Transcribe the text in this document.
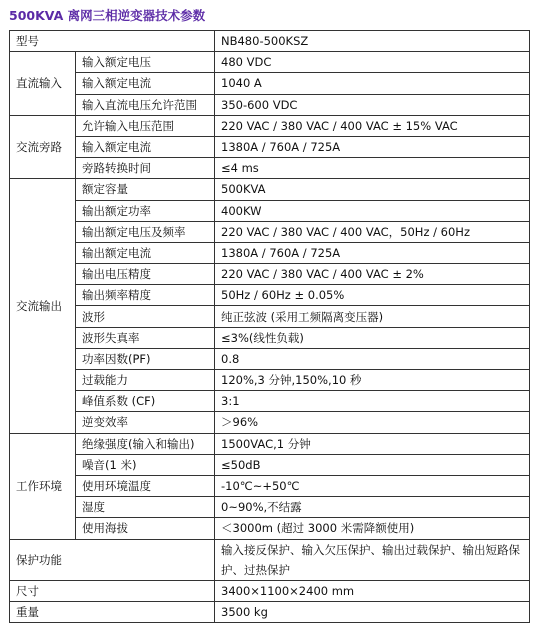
500KVA 离网三相逆变器技术参数
型号		NB480-500KSZ
直流输入	输入额定电压	480 VDC
	输入额定电流	1040 A
	输入直流电压允许范围	350-600 VDC
交流旁路	允许输入电压范围	220 VAC / 380 VAC / 400 VAC ± 15% VAC
	输入额定电流	1380A / 760A / 725A
	旁路转换时间	≤4 ms
交流输出	额定容量	500KVA
	输出额定功率	400KW
	输出额定电压及频率	220 VAC / 380 VAC / 400 VAC，50Hz / 60Hz
	输出额定电流	1380A / 760A / 725A
	输出电压精度	220 VAC / 380 VAC / 400 VAC ± 2%
	输出频率精度	50Hz / 60Hz ± 0.05%
	波形	纯正弦波 (采用工频隔离变压器)
	波形失真率	≤3%(线性负载)
	功率因数(PF)	0.8
	过载能力	120%,3 分钟,150%,10 秒
	峰值系数 (CF)	3:1
	逆变效率	＞96%
工作环境	绝缘强度(输入和输出)	1500VAC,1 分钟
	噪音(1 米)	≤50dB
	使用环境温度	-10℃~+50℃
	湿度	0~90%,不结露
	使用海拔	＜3000m (超过 3000 米需降额使用)
保护功能		输入接反保护、输入欠压保护、输出过载保护、输出短路保护、过热保护
尺寸		3400×1100×2400 mm
重量		3500 kg
